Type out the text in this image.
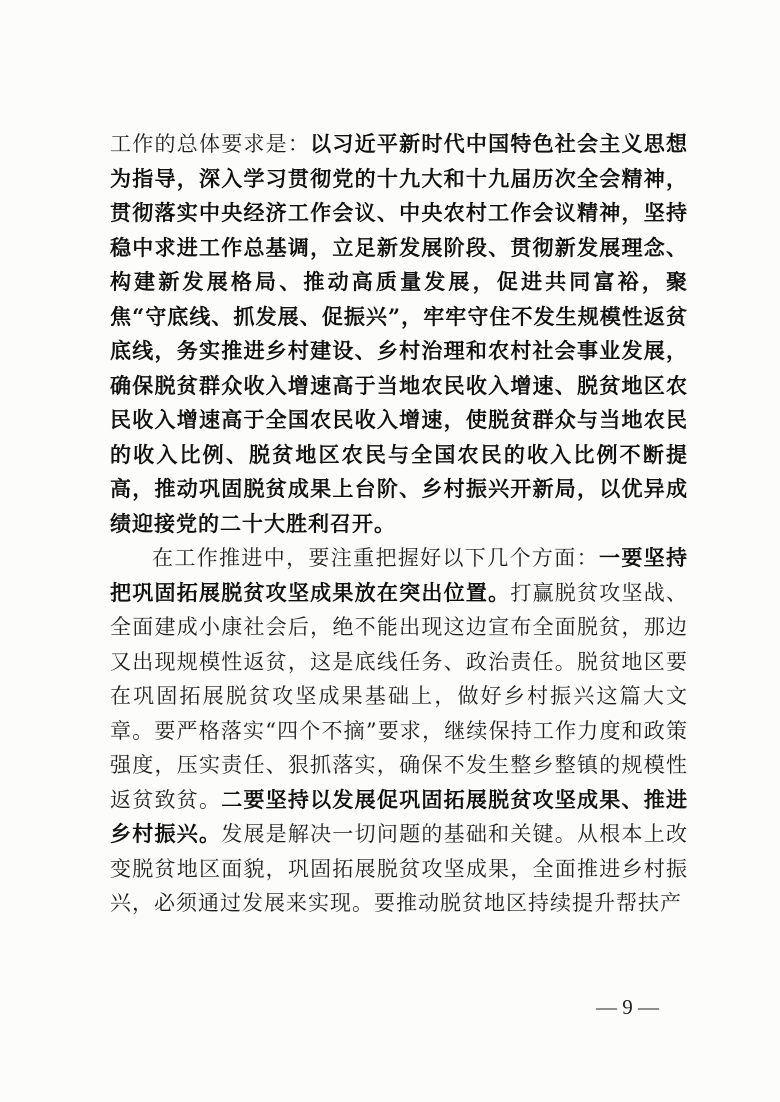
工作的总体要求是：以习近平新时代中国特色社会主义思想为指导，深入学习贯彻党的十九大和十九届历次全会精神，贯彻落实中央经济工作会议、中央农村工作会议精神，坚持稳中求进工作总基调，立足新发展阶段、贯彻新发展理念、构建新发展格局、推动高质量发展，促进共同富裕，聚焦“守底线、抓发展、促振兴”，牢牢守住不发生规模性返贫底线，务实推进乡村建设、乡村治理和农村社会事业发展，确保脱贫群众收入增速高于当地农民收入增速、脱贫地区农民收入增速高于全国农民收入增速，使脱贫群众与当地农民的收入比例、脱贫地区农民与全国农民的收入比例不断提高，推动巩固脱贫成果上台阶、乡村振兴开新局，以优异成绩迎接党的二十大胜利召开。

在工作推进中，要注重把握好以下几个方面：一要坚持把巩固拓展脱贫攻坚成果放在突出位置。打赢脱贫攻坚战、全面建成小康社会后，绝不能出现这边宣布全面脱贫，那边又出现规模性返贫，这是底线任务、政治责任。脱贫地区要在巩固拓展脱贫攻坚成果基础上，做好乡村振兴这篇大文章。要严格落实“四个不摘”要求，继续保持工作力度和政策强度，压实责任、狠抓落实，确保不发生整乡整镇的规模性返贫致贫。二要坚持以发展促巩固拓展脱贫攻坚成果、推进乡村振兴。发展是解决一切问题的基础和关键。从根本上改变脱贫地区面貌，巩固拓展脱贫攻坚成果，全面推进乡村振兴，必须通过发展来实现。要推动脱贫地区持续提升帮扶产

— 9 —
